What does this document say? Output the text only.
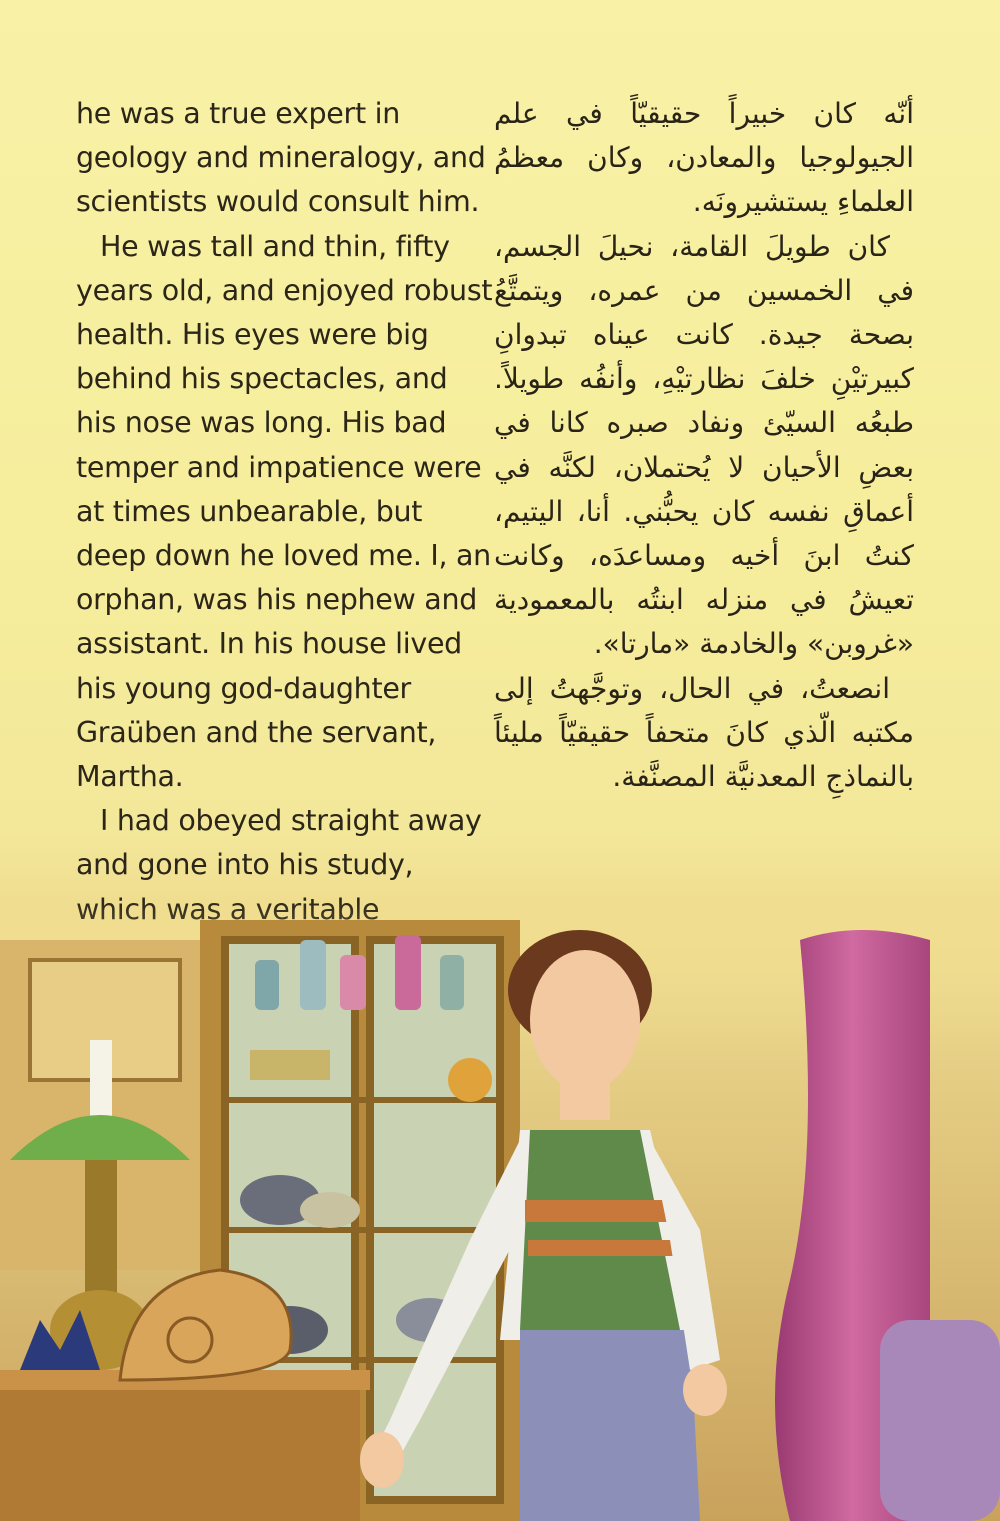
he was a true expert in geology and mineralogy, and scientists would consult him.

He was tall and thin, fifty years old, and enjoyed robust health. His eyes were big behind his spectacles, and his nose was long. His bad temper and impatience were at times unbearable, but deep down he loved me. I, an orphan, was his nephew and assistant. In his house lived his young god-daughter Graüben and the servant, Martha.

I had obeyed straight away and gone into his study,

أنّه كان خبيراً حقيقيّاً في علم الجيولوجيا والمعادن، وكان معظمُ العلماءِ يستشيرونَه.

كان طويلَ القامة، نحيلَ الجسم، في الخمسين من عمره، ويتمتَّعُ بصحة جيدة. كانت عيناه تبدوانِ كبيرتيْنِ خلفَ نظارتيْهِ، وأنفُه طويلاً. طبعُه السيّئ ونفاد صبره كانا في بعضِ الأحيان لا يُحتملان، لكنَّه في أعماقِ نفسه كان يحبُّني. أنا، اليتيم، كنتُ ابنَ أخيه ومساعدَه، وكانت تعيشُ في منزله ابنتُه بالمعمودية «غروبن» والخادمة «مارتا».

انصعتُ، في الحال، وتوجَّهتُ إلى مكتبه الّذي كانَ متحفاً حقيقيّاً مليئاً بالنماذجِ المعدنيَّة المصنَّفة.
